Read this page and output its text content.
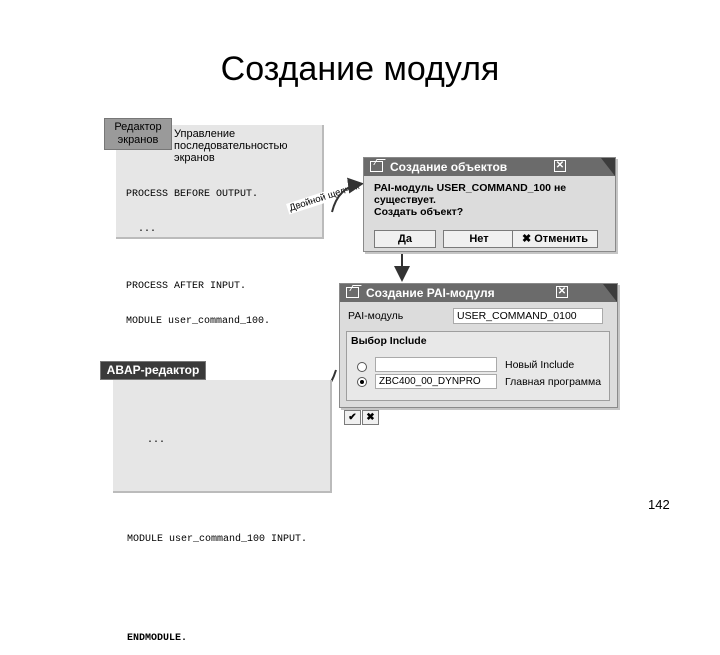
Создание модуля
Редактор
экранов	Управление
последовательностью
экранов

PROCESS BEFORE OUTPUT.

...

PROCESS AFTER INPUT.

MODULE user_command_100.

Двойной щелчок
Создание объектов	✕
PAI-модуль USER_COMMAND_100 не
существует.
Создать объект?
Да	Нет	✖ Отменить
Создание PAI-модуля	✕
PAI-модуль	USER_COMMAND_0100
Выбор Include
Новый Include
ZBC400_00_DYNPRO	Главная программа
✔ ✖
ABAP-редактор

...

MODULE user_command_100 INPUT.

ENDMODULE.

142
